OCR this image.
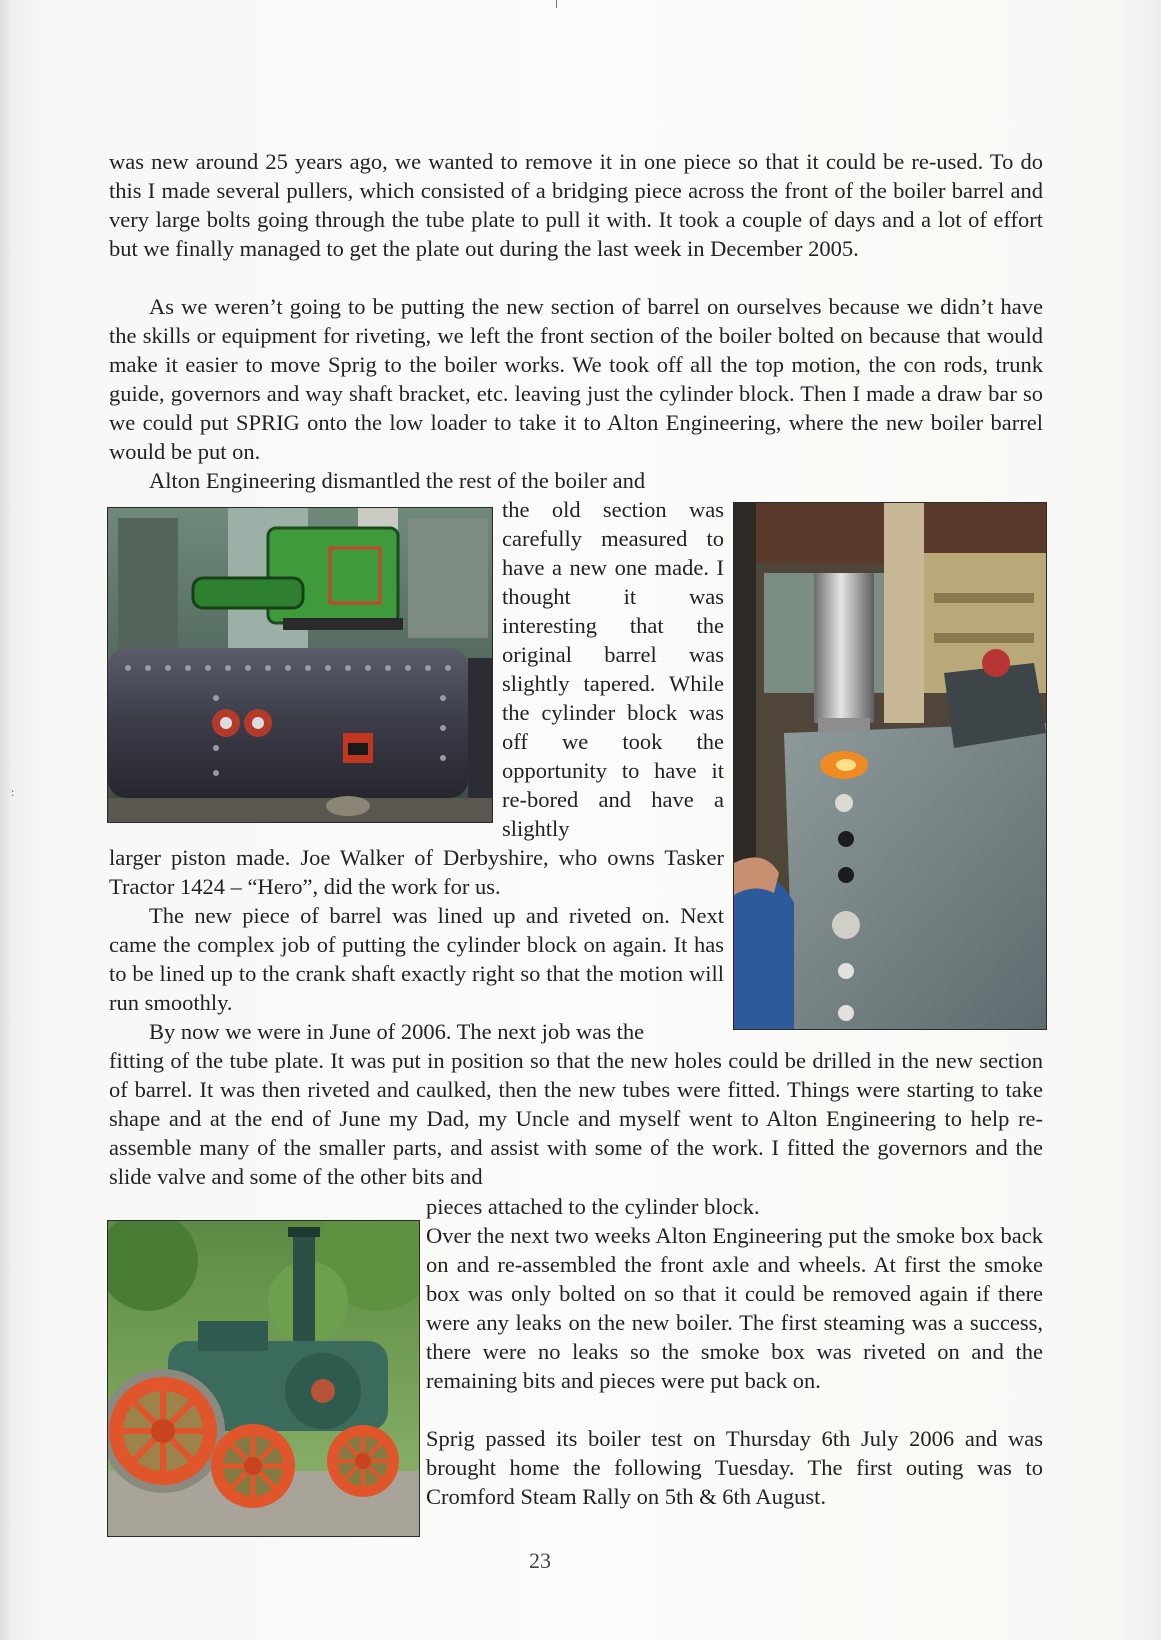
:

was new around 25 years ago, we wanted to remove it in one piece so that it could be re-used. To do this I made several pullers, which consisted of a bridging piece across the front of the boiler barrel and very large bolts going through the tube plate to pull it with. It took a couple of days and a lot of effort but we finally managed to get the plate out during the last week in December 2005.

As we weren’t going to be putting the new section of barrel on ourselves because we didn’t have the skills or equipment for riveting, we left the front section of the boiler bolted on because that would make it easier to move Sprig to the boiler works. We took off all the top motion, the con rods, trunk guide, governors and way shaft bracket, etc. leaving just the cylinder block. Then I made a draw bar so we could put SPRIG onto the low loader to take it to Alton Engineering, where the new boiler barrel would be put on.

Alton Engineering dismantled the rest of the boiler and

the old section was carefully measured to have a new one made. I thought it was interesting that the original barrel was slightly tapered. While the cylinder block was off we took the opportunity to have it re-bored and have a slightly

larger piston made. Joe Walker of Derbyshire, who owns Tasker Tractor 1424 – “Hero”, did the work for us.

The new piece of barrel was lined up and riveted on. Next came the complex job of putting the cylinder block on again. It has to be lined up to the crank shaft exactly right so that the motion will run smoothly.

By now we were in June of 2006. The next job was the

fitting of the tube plate. It was put in position so that the new holes could be drilled in the new section of barrel. It was then riveted and caulked, then the new tubes were fitted. Things were starting to take shape and at the end of June my Dad, my Uncle and myself went to Alton Engineering to help re-assemble many of the smaller parts, and assist with some of the work. I fitted the governors and the slide valve and some of the other bits and

pieces attached to the cylinder block.

Over the next two weeks Alton Engineering put the smoke box back on and re-assembled the front axle and wheels. At first the smoke box was only bolted on so that it could be removed again if there were any leaks on the new boiler. The first steaming was a success, there were no leaks so the smoke box was riveted on and the remaining bits and pieces were put back on.

Sprig passed its boiler test on Thursday 6th July 2006 and was brought home the following Tuesday. The first outing was to Cromford Steam Rally on 5th & 6th August.

23
